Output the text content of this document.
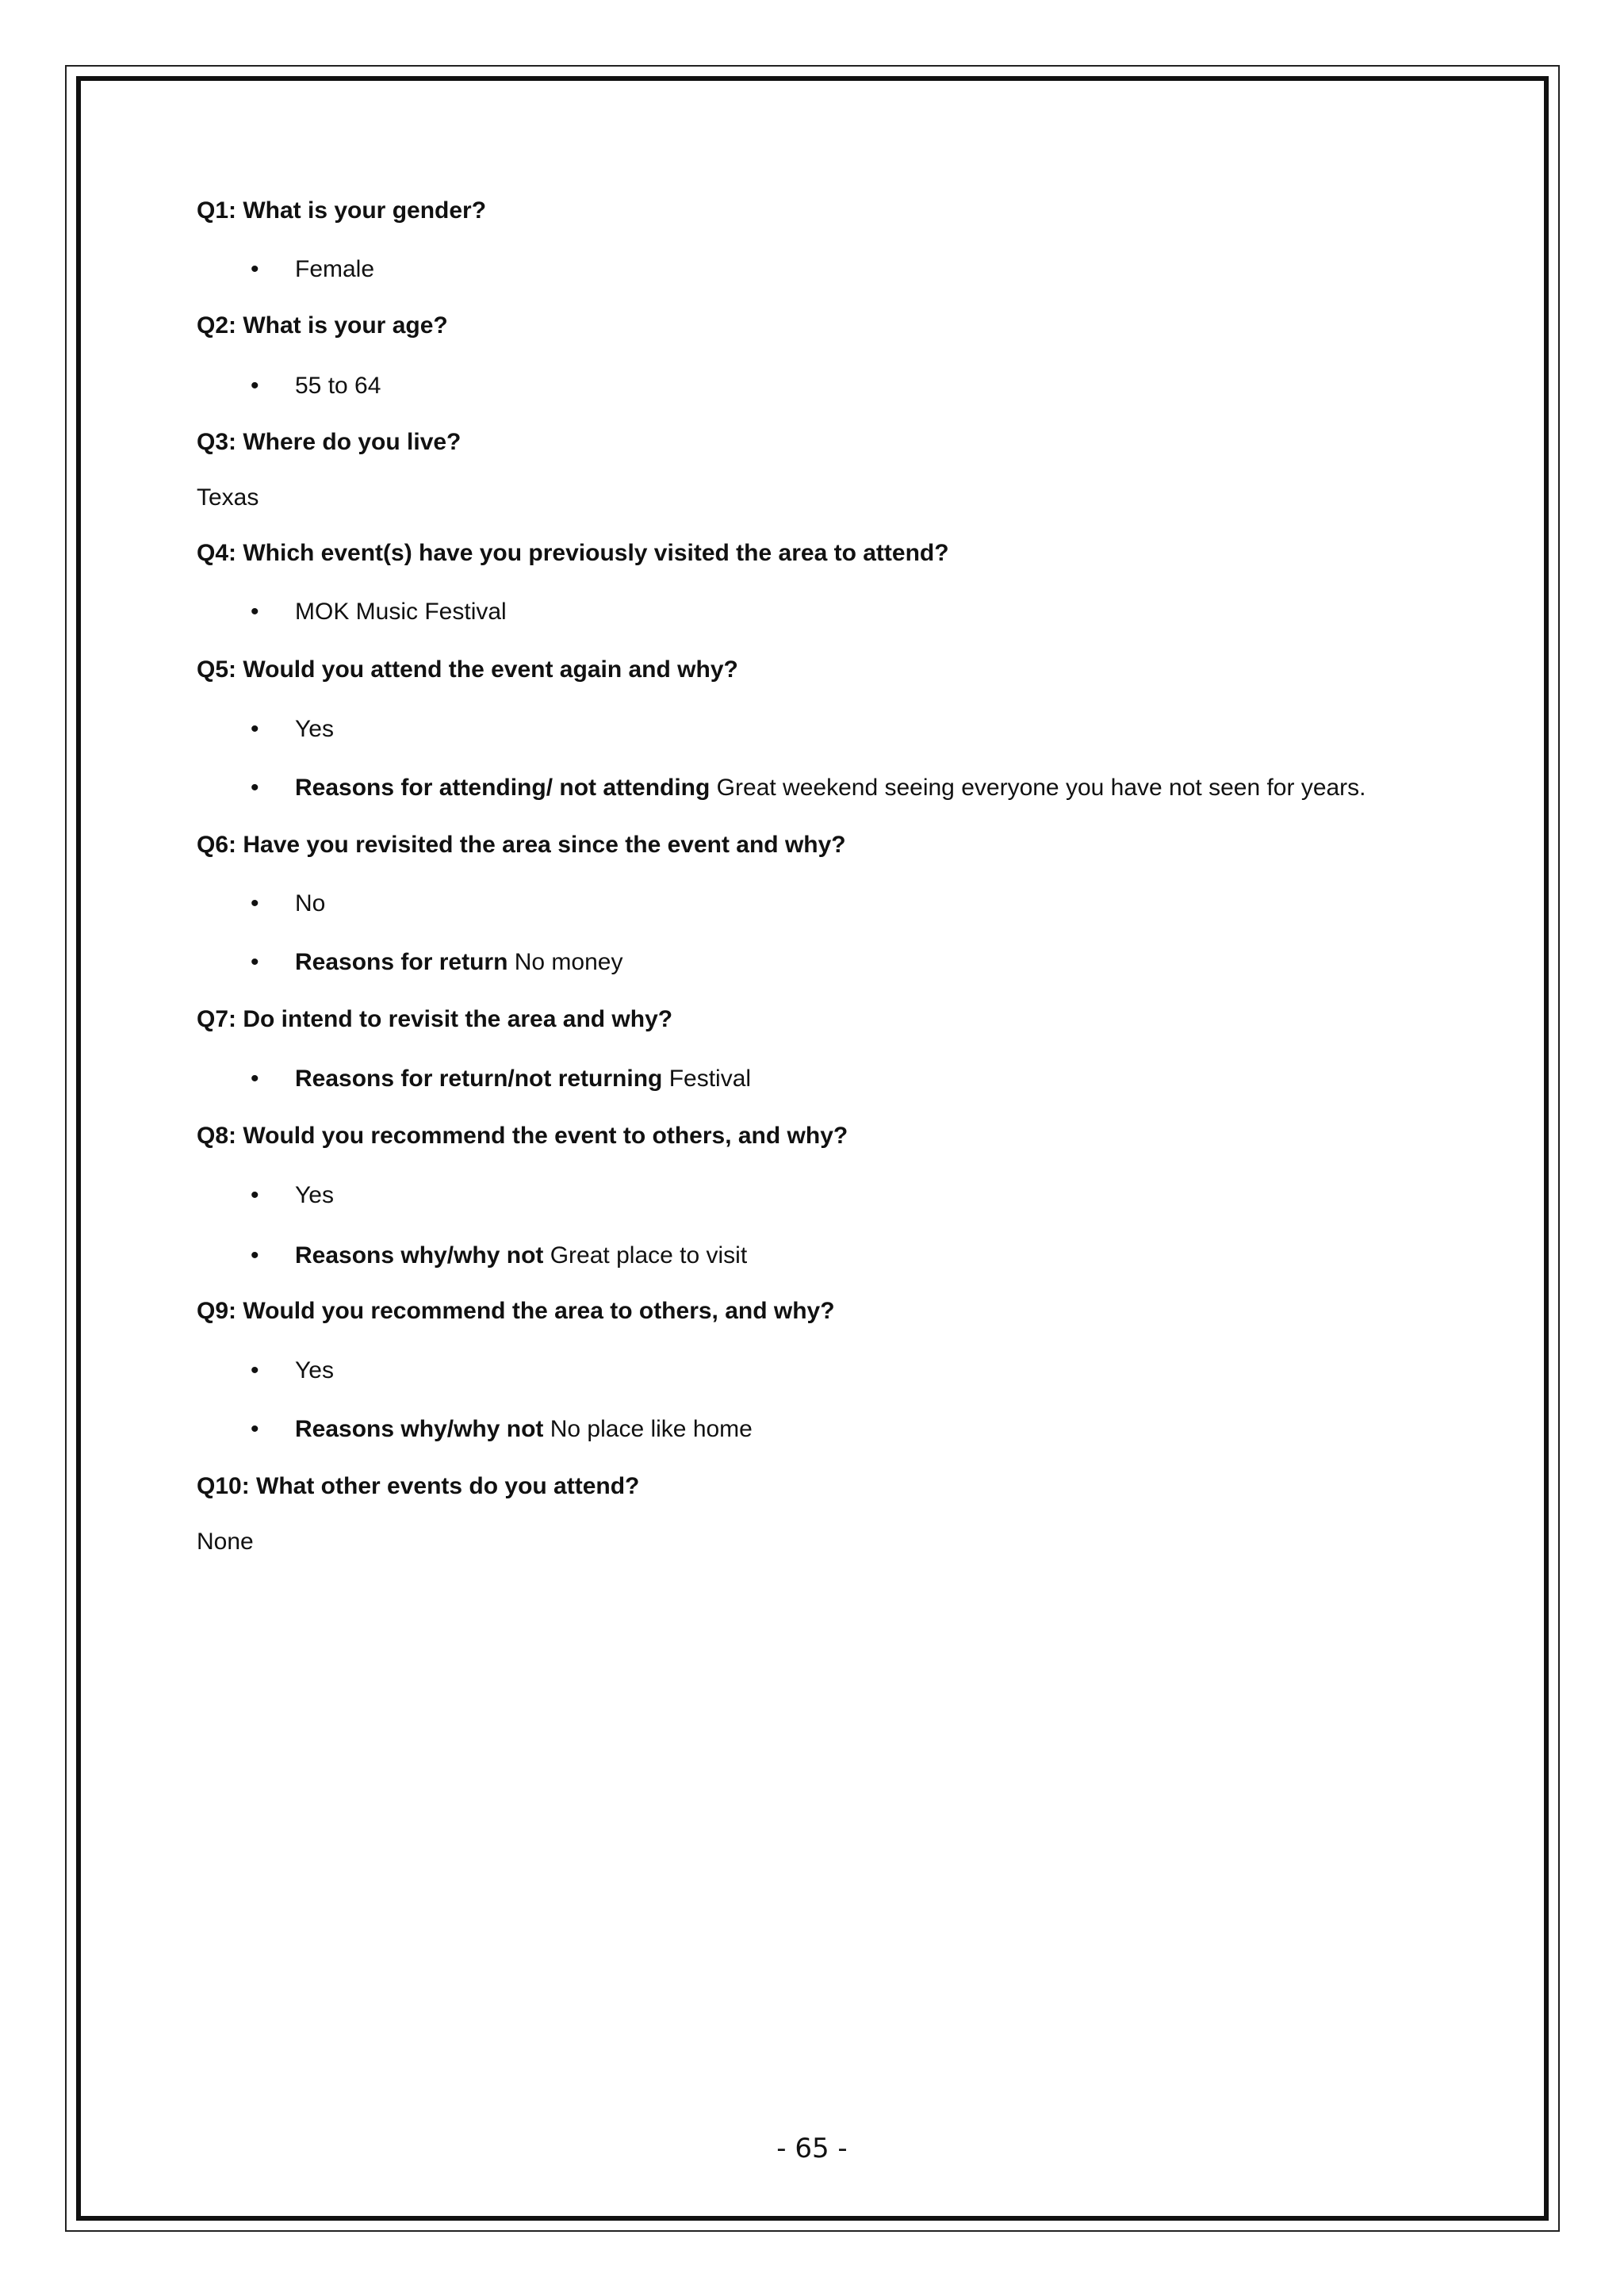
Q1: What is your gender?
• Female
Q2: What is your age?
• 55 to 64
Q3: Where do you live?
Texas
Q4: Which event(s) have you previously visited the area to attend?
• MOK Music Festival
Q5: Would you attend the event again and why?
• Yes
• Reasons for attending/ not attending Great weekend seeing everyone you have not seen for years.
Q6: Have you revisited the area since the event and why?
• No
• Reasons for return No money
Q7: Do intend to revisit the area and why?
• Reasons for return/not returning Festival
Q8: Would you recommend the event to others, and why?
• Yes
• Reasons why/why not Great place to visit
Q9: Would you recommend the area to others, and why?
• Yes
• Reasons why/why not No place like home
Q10: What other events do you attend?
None
- 65 -
